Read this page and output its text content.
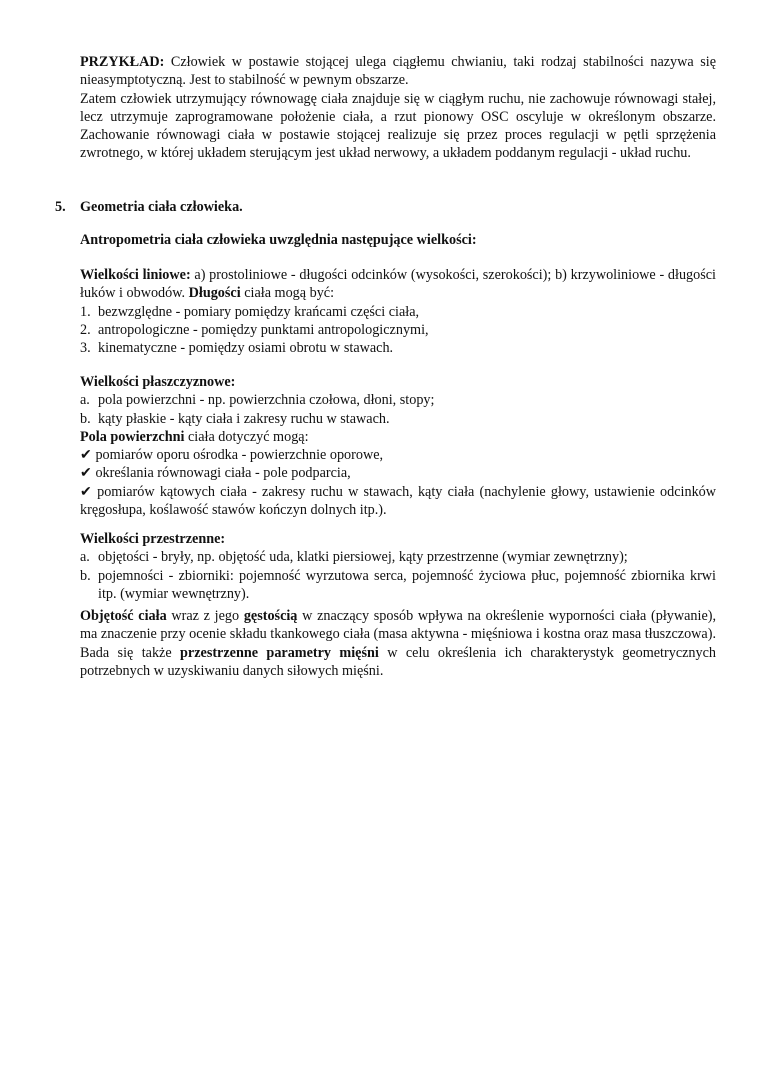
PRZYKŁAD: Człowiek w postawie stojącej ulega ciągłemu chwianiu, taki rodzaj stabilności nazywa się nieasymptotyczną. Jest to stabilność w pewnym obszarze.

Zatem człowiek utrzymujący równowagę ciała znajduje się w ciągłym ruchu, nie zachowuje równowagi stałej, lecz utrzymuje zaprogramowane położenie ciała, a rzut pionowy OSC oscyluje w określonym obszarze. Zachowanie równowagi ciała w postawie stojącej realizuje się przez proces regulacji w pętli sprzężenia zwrotnego, w której układem sterującym jest układ nerwowy, a układem poddanym regulacji - układ ruchu.

5. Geometria ciała człowieka.
Antropometria ciała człowieka uwzględnia następujące wielkości:

Wielkości liniowe: a) prostoliniowe - długości odcinków (wysokości, szerokości); b) krzywoliniowe - długości łuków i obwodów. Długości ciała mogą być:

1. bezwzględne - pomiary pomiędzy krańcami części ciała,
2. antropologiczne - pomiędzy punktami antropologicznymi,
3. kinematyczne - pomiędzy osiami obrotu w stawach.

Wielkości płaszczyznowe:

a. pola powierzchni - np. powierzchnia czołowa, dłoni, stopy;
b. kąty płaskie - kąty ciała i zakresy ruchu w stawach.

Pola powierzchni ciała dotyczyć mogą:

✔ pomiarów oporu ośrodka - powierzchnie oporowe,
✔ określania równowagi ciała - pole podparcia,
✔ pomiarów kątowych ciała - zakresy ruchu w stawach, kąty ciała (nachylenie głowy, ustawienie odcinków kręgosłupa, koślawość stawów kończyn dolnych itp.).

Wielkości przestrzenne:

a. objętości - bryły, np. objętość uda, klatki piersiowej, kąty przestrzenne (wymiar zewnętrzny);
b. pojemności - zbiorniki: pojemność wyrzutowa serca, pojemność życiowa płuc, pojemność zbiornika krwi itp. (wymiar wewnętrzny).

Objętość ciała wraz z jego gęstością w znaczący sposób wpływa na określenie wyporności ciała (pływanie), ma znaczenie przy ocenie składu tkankowego ciała (masa aktywna - mięśniowa i kostna oraz masa tłuszczowa). Bada się także przestrzenne parametry mięśni w celu określenia ich charakterystyk geometrycznych potrzebnych w uzyskiwaniu danych siłowych mięśni.
